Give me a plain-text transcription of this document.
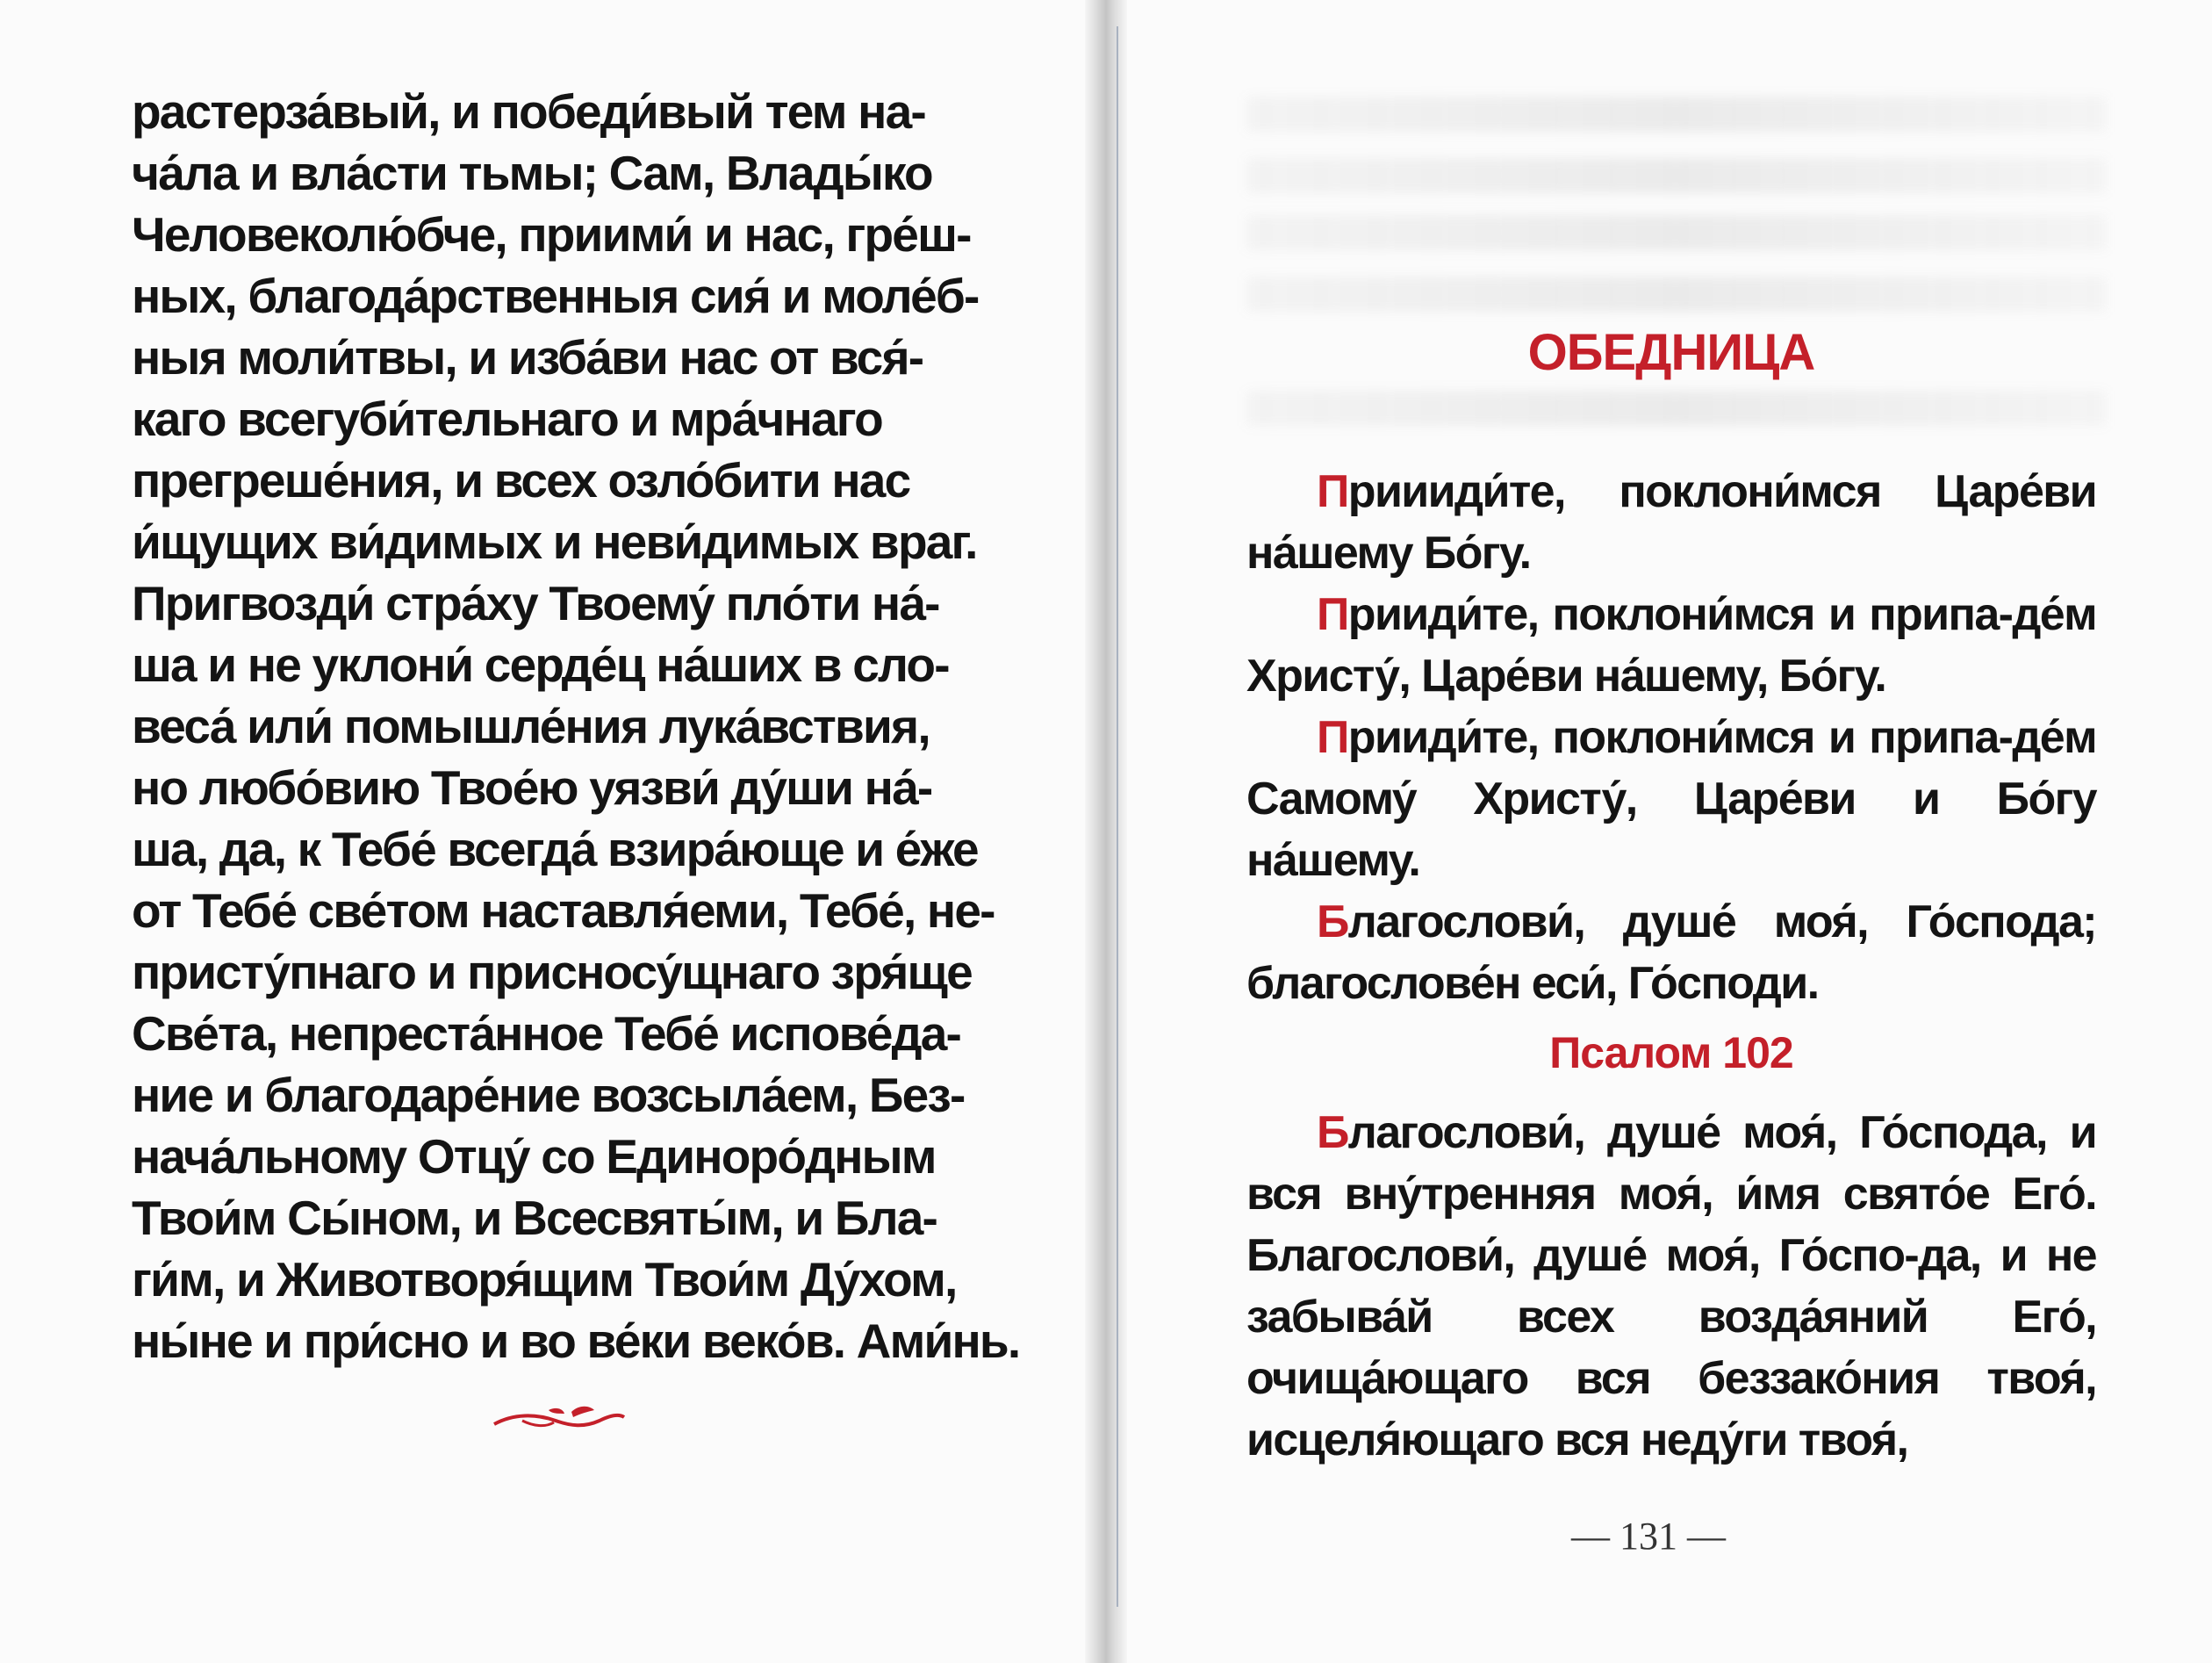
растерза́вый, и победи́вый тем на-
ча́ла и вла́сти тьмы; Сам, Влады́ко
Человеколю́бче, приими́ и нас, гре́ш-
ных, благода́рственныя сия́ и моле́б-
ныя моли́твы, и изба́ви нас от вся́-
каго всегуби́тельнаго и мра́чнаго
прегреше́ния, и всех озло́бити нас
и́щущих ви́димых и неви́димых враг.
Пригвозди́ стра́ху Твоему́ пло́ти на́-
ша и не уклони́ серде́ц на́ших в сло-
веса́ или́ помышле́ния лука́вствия,
но любо́вию Твое́ю уязви́ ду́ши на́-
ша, да, к Тебе́ всегда́ взира́юще и е́же
от Тебе́ све́том наставля́еми, Тебе́, не-
присту́пнаго и присносу́щнаго зря́ще
Све́та, непреста́нное Тебе́ испове́да-
ние и благодаре́ние возсыла́ем, Без-
нача́льному Отцу́ со Единоро́дным
Твои́м Сы́ном, и Всесвяты́м, и Бла-
ги́м, и Животворя́щим Твои́м Ду́хом,
ны́не и при́сно и во ве́ки веко́в. Ами́нь.
ОБЕДНИЦА

Приииди́те, поклони́мся Царе́ви на́шему Бо́гу.

Прииди́те, поклони́мся и припа-де́м Христу́, Царе́ви на́шему, Бо́гу.

Прииди́те, поклони́мся и припа-де́м Самому́ Христу́, Царе́ви и Бо́гу на́шему.

Благослови́, душе́ моя́, Го́спода; благослове́н еси́, Го́споди.

Псалом 102

Благослови́, душе́ моя́, Го́спода, и вся вну́тренняя моя́, и́мя свято́е Его́. Благослови́, душе́ моя́, Го́спо-да, и не забыва́й всех возда́яний Его́, очища́ющаго вся беззако́ния твоя́, исцеля́ющаго вся неду́ги твоя́,

— 131 —
